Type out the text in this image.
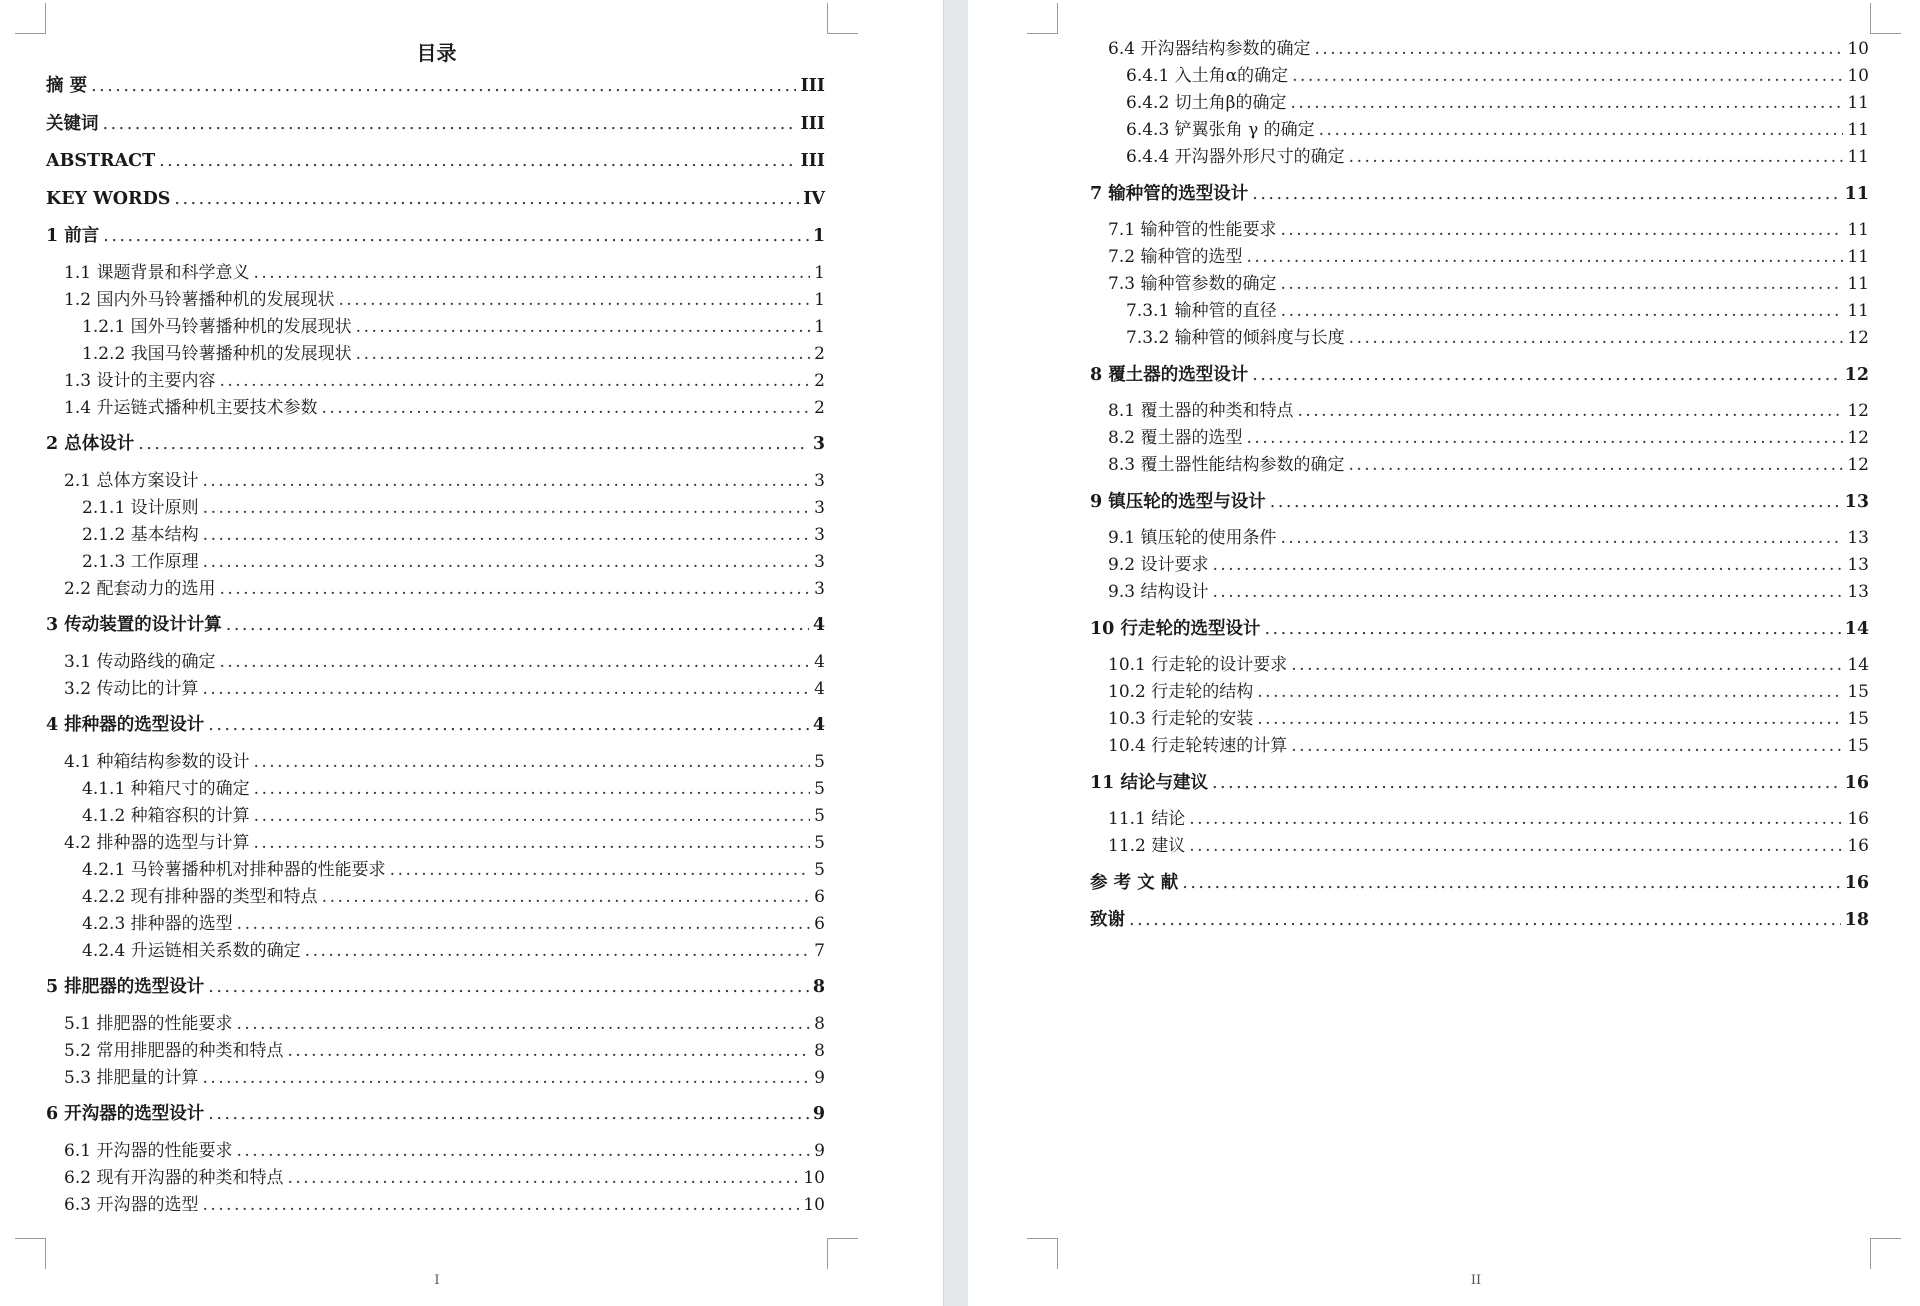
目录
摘 要 .....	III
关键词 .....	III
ABSTRACT .....	III
KEY WORDS .....	IV
1 前言 .....	1
1.1 课题背景和科学意义 .....	1
1.2 国内外马铃薯播种机的发展现状 .....	1
1.2.1 国外马铃薯播种机的发展现状 .....	1
1.2.2 我国马铃薯播种机的发展现状 .....	2
1.3 设计的主要内容 .....	2
1.4 升运链式播种机主要技术参数 .....	2
2 总体设计 .....	3
2.1 总体方案设计 .....	3
2.1.1 设计原则 .....	3
2.1.2 基本结构 .....	3
2.1.3 工作原理 .....	3
2.2 配套动力的选用 .....	3
3 传动装置的设计计算 .....	4
3.1 传动路线的确定 .....	4
3.2 传动比的计算 .....	4
4 排种器的选型设计 .....	4
4.1 种箱结构参数的设计 .....	5
4.1.1 种箱尺寸的确定 .....	5
4.1.2 种箱容积的计算 .....	5
4.2 排种器的选型与计算 .....	5
4.2.1 马铃薯播种机对排种器的性能要求 .....	5
4.2.2 现有排种器的类型和特点 .....	6
4.2.3 排种器的选型 .....	6
4.2.4 升运链相关系数的确定 .....	7
5 排肥器的选型设计 .....	8
5.1 排肥器的性能要求 .....	8
5.2 常用排肥器的种类和特点 .....	8
5.3 排肥量的计算 .....	9
6 开沟器的选型设计 .....	9
6.1 开沟器的性能要求 .....	9
6.2 现有开沟器的种类和特点 .....	10
6.3 开沟器的选型 .....	10
I
6.4 开沟器结构参数的确定 .....	10
6.4.1 入土角α的确定 .....	10
6.4.2 切土角β的确定 .....	11
6.4.3 铲翼张角 γ 的确定 .....	11
6.4.4 开沟器外形尺寸的确定 .....	11
7 输种管的选型设计 .....	11
7.1 输种管的性能要求 .....	11
7.2 输种管的选型 .....	11
7.3 输种管参数的确定 .....	11
7.3.1 输种管的直径 .....	11
7.3.2 输种管的倾斜度与长度 .....	12
8 覆土器的选型设计 .....	12
8.1 覆土器的种类和特点 .....	12
8.2 覆土器的选型 .....	12
8.3 覆土器性能结构参数的确定 .....	12
9 镇压轮的选型与设计 .....	13
9.1 镇压轮的使用条件 .....	13
9.2 设计要求 .....	13
9.3 结构设计 .....	13
10 行走轮的选型设计 .....	14
10.1 行走轮的设计要求 .....	14
10.2 行走轮的结构 .....	15
10.3 行走轮的安装 .....	15
10.4 行走轮转速的计算 .....	15
11 结论与建议 .....	16
11.1 结论 .....	16
11.2 建议 .....	16
参 考 文 献 .....	16
致谢 .....	18
II
